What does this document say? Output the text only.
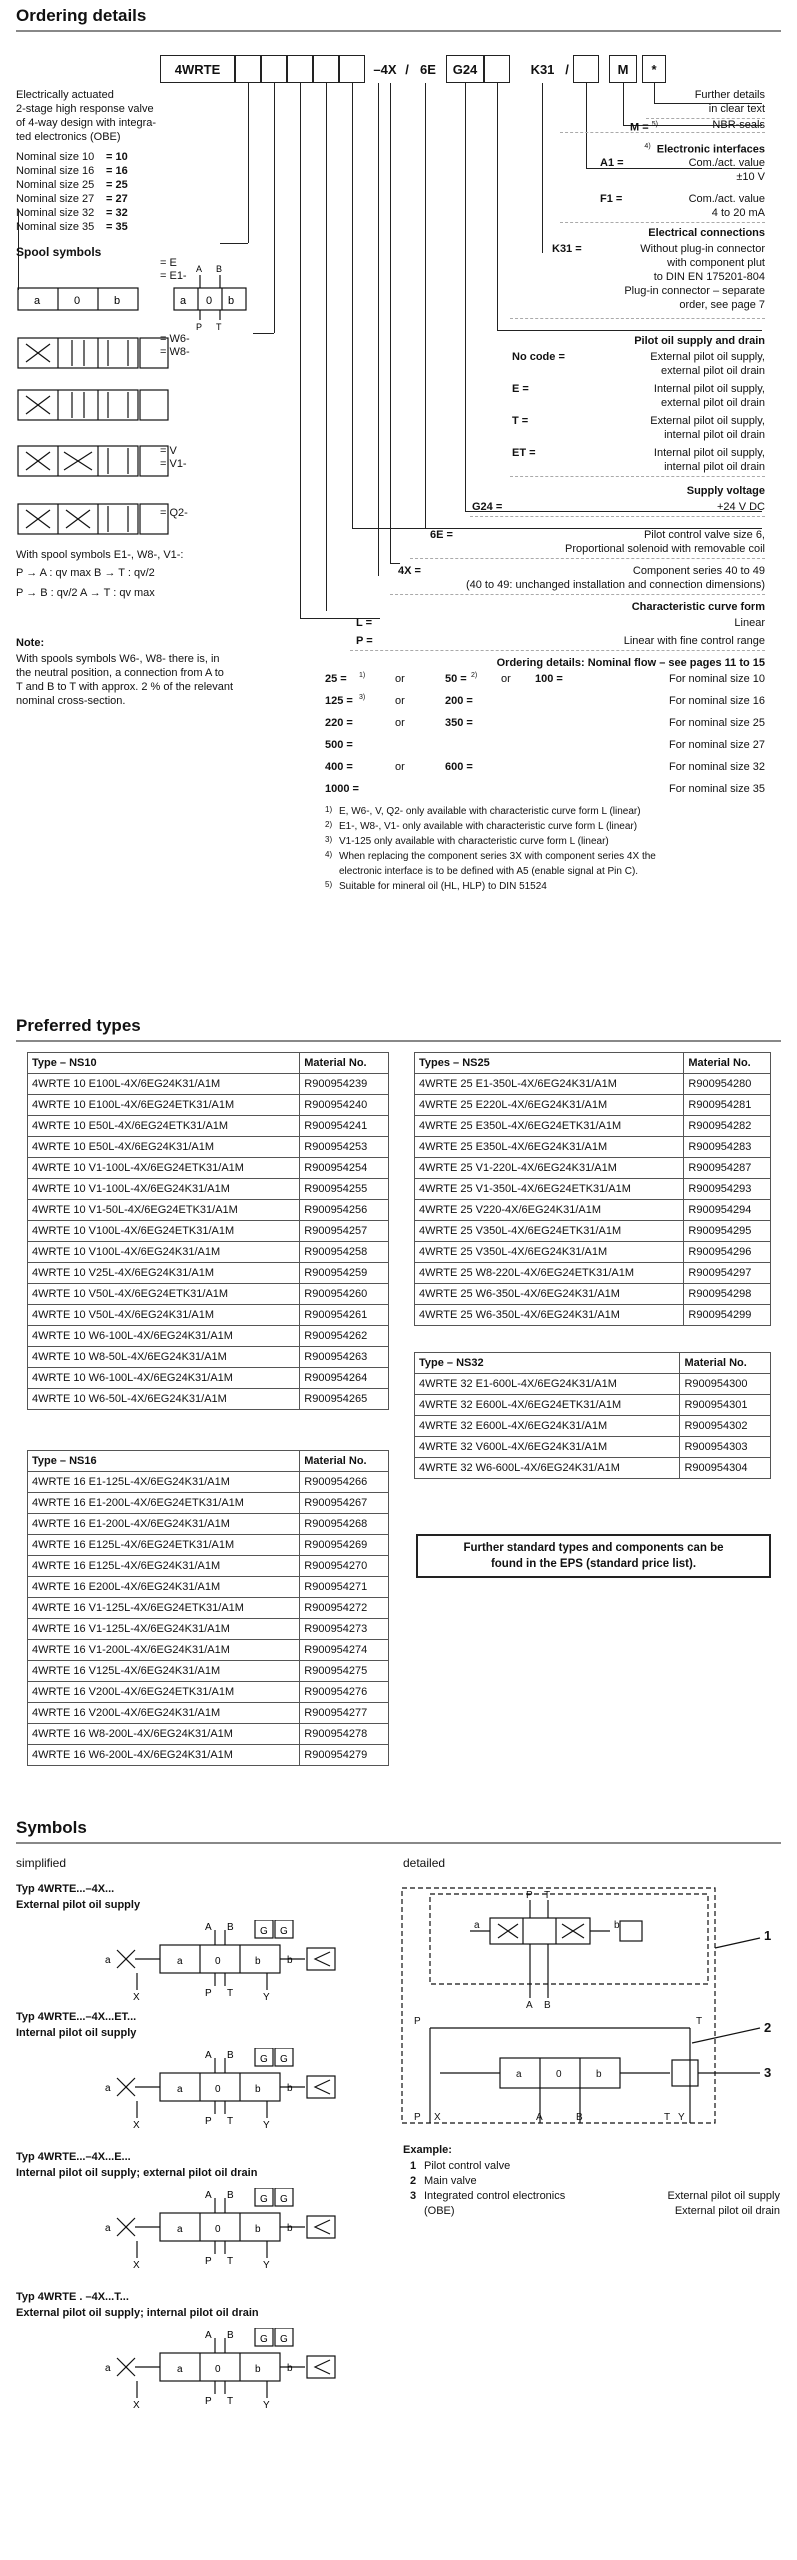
Ordering details
4WRTE	–4X / 6E	G24	K31 /	M	*
Electrically actuated
2-stage high response valve
of 4-way design with integra-
ted electronics (OBE)
Nominal size 10 = 10
Nominal size 16 = 16
Nominal size 25 = 25
Nominal size 27 = 27
Nominal size 32 = 32
Nominal size 35 = 35
Spool symbols
a	0	b	a 0 b
A B
P T
= E
= E1-
= W6-
= W8-
= V
= V1-
= Q2-
With spool symbols E1-, W8-, V1-:
P → A : qv max B → T : qv/2
P → B : qv/2 A → T : qv max
Note:
With spools symbols W6-, W8- there is, in
the neutral position, a connection from A to
T and B to T with approx. 2 % of the relevant
nominal cross-section.
Further details
in clear text
M = $^{5)}$	NBR-seals
$^{4)}$ Electronic interfaces
A1 =	Com./act. value
±10 V
F1 =	Com./act. value
4 to 20 mA
Electrical connections
K31 =	Without plug-in connector
with component plut
to DIN EN 175201-804
Plug-in connector – separate
order, see page 7
Pilot oil supply and drain
No code =	External pilot oil supply,
external pilot oil drain
E =	Internal pilot oil supply,
external pilot oil drain
T =	External pilot oil supply,
internal pilot oil drain
ET =	Internal pilot oil supply,
internal pilot oil drain
Supply voltage
G24 =	+24 V DC
6E =	Pilot control valve size 6,
Proportional solenoid with removable coil
4X =	Component series 40 to 49
(40 to 49: unchanged installation and connection dimensions)
Characteristic curve form
L =	Linear
P =	Linear with fine control range
Ordering details: Nominal flow – see pages 11 to 15
25 = 1)	or	50 = 2) or 100 =	For nominal size 10
125 = 3)	or	200 =	For nominal size 16
220 =	or	350 =	For nominal size 25
500 =	For nominal size 27
400 =	or	600 =	For nominal size 32
1000 =	For nominal size 35
1) E, W6-, V, Q2- only available with characteristic curve form L (linear)
2) E1-, W8-, V1- only available with characteristic curve form L (linear)
3) V1-125 only available with characteristic curve form L (linear)
4) When replacing the component series 3X with component series 4X the
electronic interface is to be defined with A5 (enable signal at Pin C).
5) Suitable for mineral oil (HL, HLP) to DIN 51524
Preferred types
Type – NS10	Material No.
4WRTE 10 E100L-4X/6EG24K31/A1M	R900954239
4WRTE 10 E100L-4X/6EG24ETK31/A1M	R900954240
4WRTE 10 E50L-4X/6EG24ETK31/A1M	R900954241
4WRTE 10 E50L-4X/6EG24K31/A1M	R900954253
4WRTE 10 V1-100L-4X/6EG24ETK31/A1M	R900954254
4WRTE 10 V1-100L-4X/6EG24K31/A1M	R900954255
4WRTE 10 V1-50L-4X/6EG24ETK31/A1M	R900954256
4WRTE 10 V100L-4X/6EG24ETK31/A1M	R900954257
4WRTE 10 V100L-4X/6EG24K31/A1M	R900954258
4WRTE 10 V25L-4X/6EG24K31/A1M	R900954259
4WRTE 10 V50L-4X/6EG24ETK31/A1M	R900954260
4WRTE 10 V50L-4X/6EG24K31/A1M	R900954261
4WRTE 10 W6-100L-4X/6EG24K31/A1M	R900954262
4WRTE 10 W8-50L-4X/6EG24K31/A1M	R900954263
4WRTE 10 W6-100L-4X/6EG24K31/A1M	R900954264
4WRTE 10 W6-50L-4X/6EG24K31/A1M	R900954265
Type – NS16	Material No.
4WRTE 16 E1-125L-4X/6EG24K31/A1M	R900954266
4WRTE 16 E1-200L-4X/6EG24ETK31/A1M	R900954267
4WRTE 16 E1-200L-4X/6EG24K31/A1M	R900954268
4WRTE 16 E125L-4X/6EG24ETK31/A1M	R900954269
4WRTE 16 E125L-4X/6EG24K31/A1M	R900954270
4WRTE 16 E200L-4X/6EG24K31/A1M	R900954271
4WRTE 16 V1-125L-4X/6EG24ETK31/A1M	R900954272
4WRTE 16 V1-125L-4X/6EG24K31/A1M	R900954273
4WRTE 16 V1-200L-4X/6EG24K31/A1M	R900954274
4WRTE 16 V125L-4X/6EG24K31/A1M	R900954275
4WRTE 16 V200L-4X/6EG24ETK31/A1M	R900954276
4WRTE 16 V200L-4X/6EG24K31/A1M	R900954277
4WRTE 16 W8-200L-4X/6EG24K31/A1M	R900954278
4WRTE 16 W6-200L-4X/6EG24K31/A1M	R900954279
Types – NS25	Material No.
4WRTE 25 E1-350L-4X/6EG24K31/A1M	R900954280
4WRTE 25 E220L-4X/6EG24K31/A1M	R900954281
4WRTE 25 E350L-4X/6EG24ETK31/A1M	R900954282
4WRTE 25 E350L-4X/6EG24K31/A1M	R900954283
4WRTE 25 V1-220L-4X/6EG24K31/A1M	R900954287
4WRTE 25 V1-350L-4X/6EG24ETK31/A1M	R900954293
4WRTE 25 V220-4X/6EG24K31/A1M	R900954294
4WRTE 25 V350L-4X/6EG24ETK31/A1M	R900954295
4WRTE 25 V350L-4X/6EG24K31/A1M	R900954296
4WRTE 25 W8-220L-4X/6EG24ETK31/A1M	R900954297
4WRTE 25 W6-350L-4X/6EG24K31/A1M	R900954298
4WRTE 25 W6-350L-4X/6EG24K31/A1M	R900954299
Type – NS32	Material No.
4WRTE 32 E1-600L-4X/6EG24K31/A1M	R900954300
4WRTE 32 E600L-4X/6EG24ETK31/A1M	R900954301
4WRTE 32 E600L-4X/6EG24K31/A1M	R900954302
4WRTE 32 V600L-4X/6EG24K31/A1M	R900954303
4WRTE 32 W6-600L-4X/6EG24K31/A1M	R900954304
Further standard types and components can be
found in the EPS (standard price list).
Symbols
simplified	detailed
Typ 4WRTE...–4X...
External pilot oil supply
a	0	b
a	b
A B
P T
X	Y
G G
Typ 4WRTE...–4X...ET...
Internal pilot oil supply
a	0	b
a	b
A B
P T
X	Y
G G
Typ 4WRTE...–4X...E...
Internal pilot oil supply; external pilot oil drain
a	0	b
a	b
A B
P T
X	Y
G G
Typ 4WRTE . –4X...T...
External pilot oil supply; internal pilot oil drain
a	0	b
a	b
A B
P T
X	Y
G G
P T
a	b
A B
P	T
a	0	b
P X	A	B	T Y
1
2
3
Example:
1 Pilot control valve
2 Main valve
3 Integrated control electronics	External pilot oil supply
(OBE)	External pilot oil drain
